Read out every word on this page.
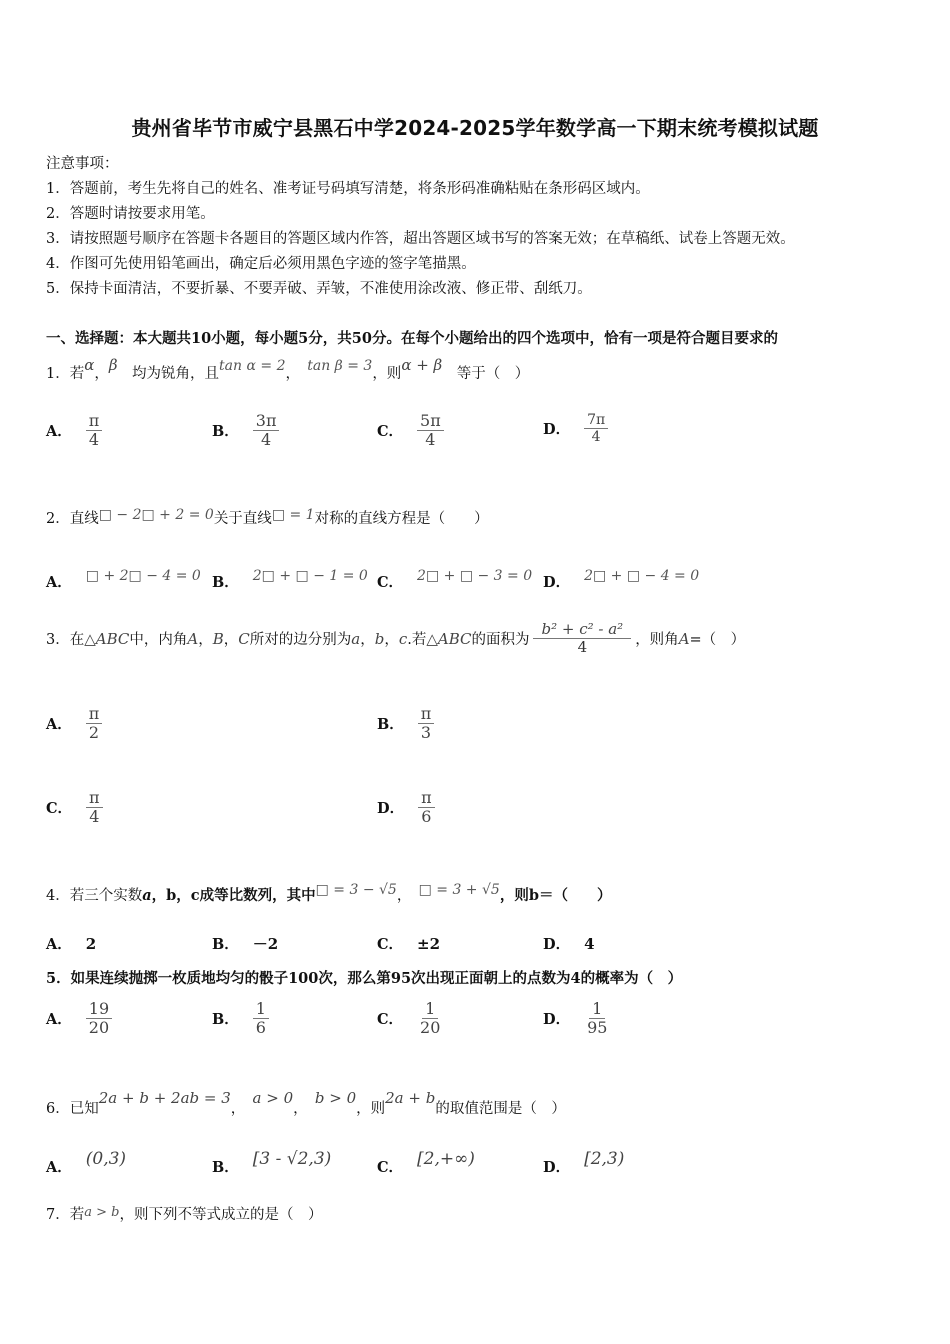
贵州省毕节市威宁县黑石中学2024-2025学年数学高一下期末统考模拟试题
注意事项：
1．答题前，考生先将自己的姓名、准考证号码填写清楚，将条形码准确粘贴在条形码区域内。
2．答题时请按要求用笔。
3．请按照题号顺序在答题卡各题目的答题区域内作答，超出答题区域书写的答案无效；在草稿纸、试卷上答题无效。
4．作图可先使用铅笔画出，确定后必须用黑色字迹的签字笔描黑。
5．保持卡面清洁，不要折暴、不要弄破、弄皱，不准使用涂改液、修正带、刮纸刀。
一、选择题：本大题共10小题，每小题5分，共50分。在每个小题给出的四个选项中，恰有一项是符合题目要求的
1．若α，β　 均为锐角，且tan α = 2，　 tan β = 3，则α + β　 等于（　）
A． $\frac{\pi}{4}$	B． $\frac{3\pi}{4}$	C． $\frac{5\pi}{4}$	D． $\frac{7\pi}{4}$
2．直线□ − 2□ + 2 = 0关于直线□ = 1对称的直线方程是（　　）
A． □ + 2□ − 4 = 0 B． 2□ + □ − 1 = 0 C． 2□ + □ − 3 = 0 D． 2□ + □ − 4 = 0
3．在 △ABC 中，内角 A ， B ， C 所对的边分别为 a ， b ， c .若 △ABC 的面积为 $\frac{\text{b² + c² - a²}}{4}$ ，则角 A =（　）
A． $\frac{\pi}{2}$	B． $\frac{\pi}{3}$
C． $\frac{\pi}{4}$	D． $\frac{\pi}{6}$
4．若三个实数a，b，c成等比数列，其中□ = 3 − √5，　 □ = 3 + √5，则b＝（　　）
A． 2	B． －2	C． ±2	D． 4
5．如果连续抛掷一枚质地均匀的骰子100次，那么第95次出现正面朝上的点数为4的概率为（　）
A． $\frac{19}{20}$	B． $\frac{1}{6}$	C． $\frac{1}{20}$	D． $\frac{1}{95}$
6．已知2a + b + 2ab = 3，　a > 0，　b > 0，则2a + b的取值范围是（　）
A． (0,3)	B． [3 - √2,3)	C． [2,+∞)	D． [2,3)
7．若a > b，则下列不等式成立的是（　）
